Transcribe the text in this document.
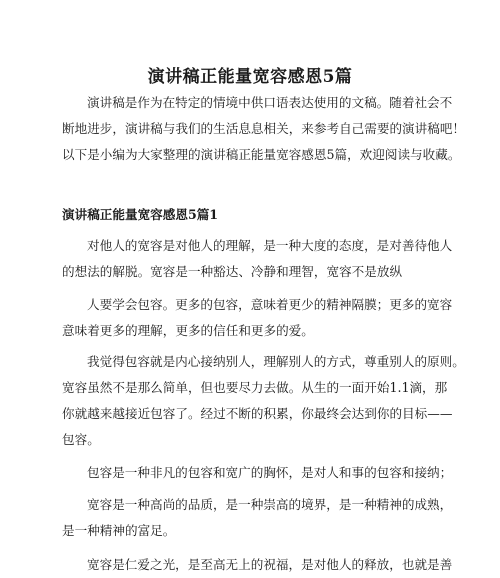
演讲稿正能量宽容感恩5篇
演讲稿是作为在特定的情境中供口语表达使用的文稿。随着社会不
断地进步，演讲稿与我们的生活息息相关，来参考自己需要的演讲稿吧！
以下是小编为大家整理的演讲稿正能量宽容感恩5篇，欢迎阅读与收藏。
演讲稿正能量宽容感恩5篇1
对他人的宽容是对他人的理解，是一种大度的态度，是对善待他人
的想法的解脱。宽容是一种豁达、冷静和理智，宽容不是放纵
人要学会包容。更多的包容，意味着更少的精神隔膜；更多的宽容
意味着更多的理解，更多的信任和更多的爱。
我觉得包容就是内心接纳别人，理解别人的方式，尊重别人的原则。
宽容虽然不是那么简单，但也要尽力去做。从生的一面开始1.1滴，那
你就越来越接近包容了。经过不断的积累，你最终会达到你的目标——
包容。
包容是一种非凡的包容和宽广的胸怀，是对人和事的包容和接纳；
宽容是一种高尚的品质，是一种崇高的境界，是一种精神的成熟，
是一种精神的富足。
宽容是仁爱之光，是至高无上的祝福，是对他人的释放，也就是善
